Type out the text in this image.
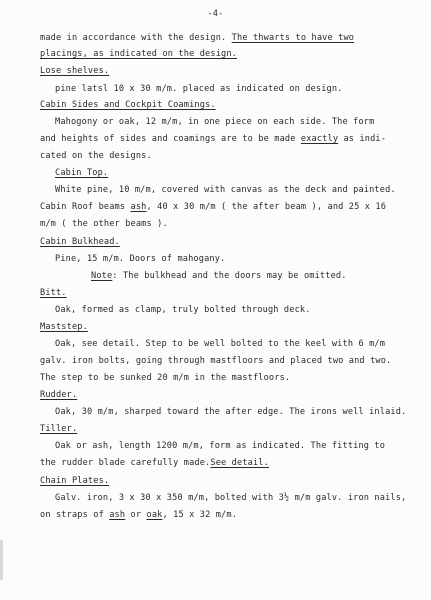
-4-
made in accordance with the design. The thwarts to have two
placings, as indicated on the design.
Lose shelves.
pine latsl 10 x 30 m/m. placed as indicated on design.
Cabin Sides and Cockpit Coamings.
Mahogony or oak, 12 m/m, in one piece on each side. The form
and heights of sides and coamings are to be made exactly as indi-
cated on the designs.
Cabin Top.
White pine, 10 m/m, covered with canvas as the deck and painted.
Cabin Roof beams ash, 40 x 30 m/m ( the after beam ), and 25 x 16
m/m ( the other beams ).
Cabin Bulkhead.
Pine, 15 m/m. Doors of mahogany.
Note: The bulkhead and the doors may be omitted.
Bitt.
Oak, formed as clamp, truly bolted through deck.
Maststep.
Oak, see detail. Step to be well bolted to the keel with 6 m/m
galv. iron bolts, going through mastfloors and placed two and two.
The step to be sunked 20 m/m in the mastfloors.
Rudder.
Oak, 30 m/m, sharped toward the after edge. The irons well inlaid.
Tiller.
Oak or ash, length 1200 m/m, form as indicated. The fitting to
the rudder blade carefully made.See detail.
Chain Plates.
Galv. iron, 3 x 30 x 350 m/m, bolted with 3½ m/m galv. iron nails,
on straps of ash or oak, 15 x 32 m/m.
